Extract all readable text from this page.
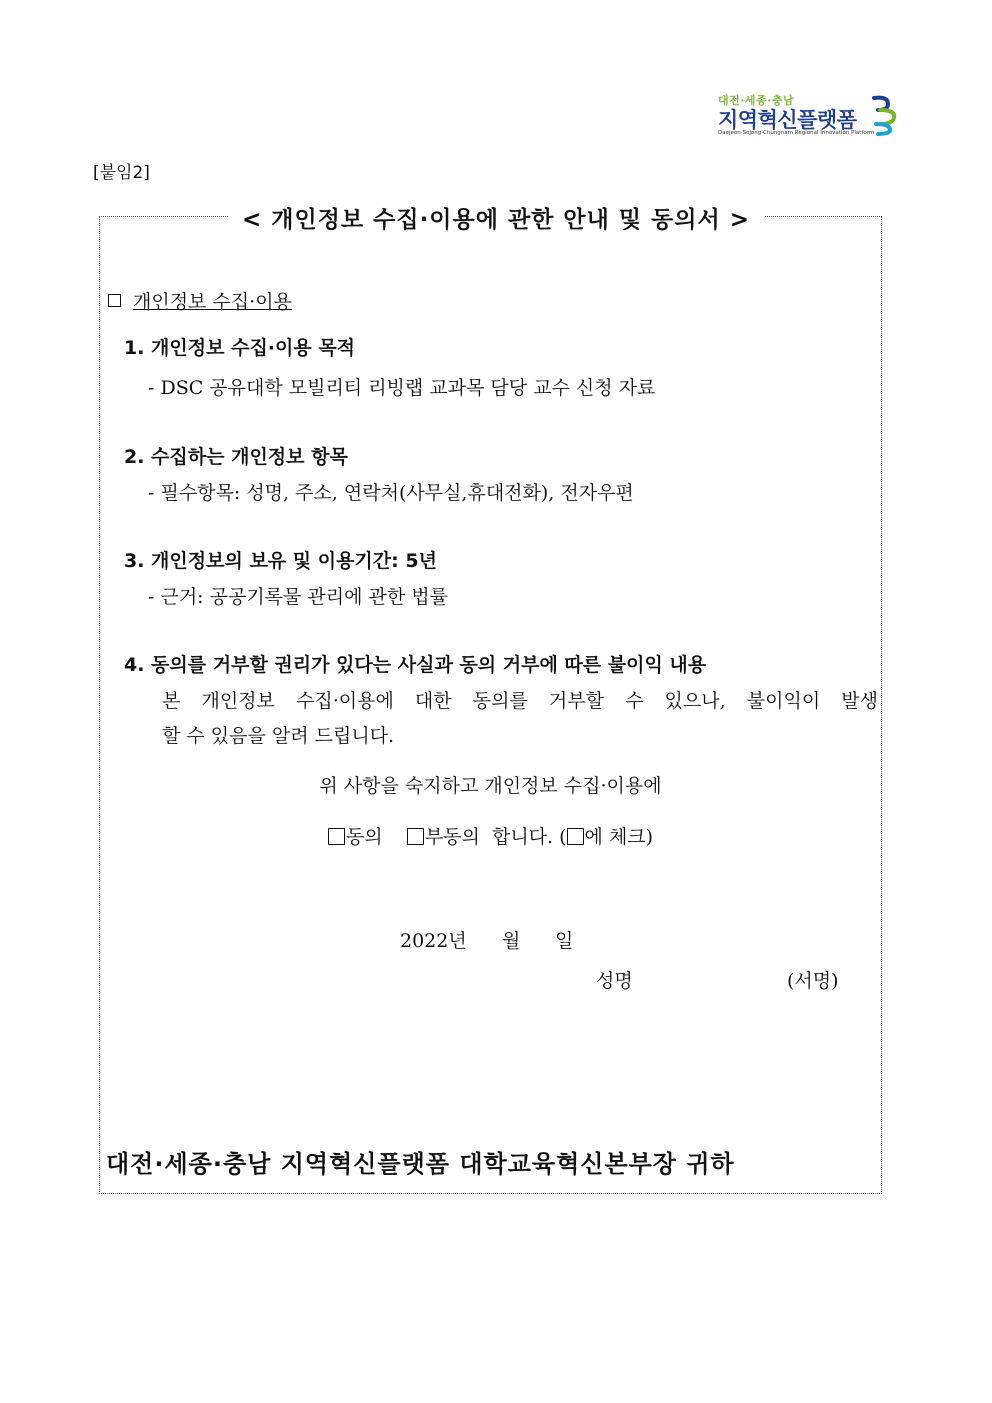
대전·세종·충남
지역혁신플랫폼
Daejeon·Sejong·Chungnam Regional Innovation Platform
[붙임2]
< 개인정보 수집·이용에 관한 안내 및 동의서 >
개인정보 수집·이용
1. 개인정보 수집·이용 목적
- DSC 공유대학 모빌리티 리빙랩 교과목 담당 교수 신청 자료
2. 수집하는 개인정보 항목
- 필수항목: 성명, 주소, 연락처(사무실,휴대전화), 전자우편
3. 개인정보의 보유 및 이용기간: 5년
- 근거: 공공기록물 관리에 관한 법률
4. 동의를 거부할 권리가 있다는 사실과 동의 거부에 따른 불이익 내용
본 개인정보 수집·이용에 대한 동의를 거부할 수 있으나, 불이익이 발생
할 수 있음을 알려 드립니다.
위 사항을 숙지하고 개인정보 수집·이용에
동의 부동의 합니다. ( 에 체크)
2022년 월 일
성명	(서명)
대전·세종·충남 지역혁신플랫폼 대학교육혁신본부장 귀하
